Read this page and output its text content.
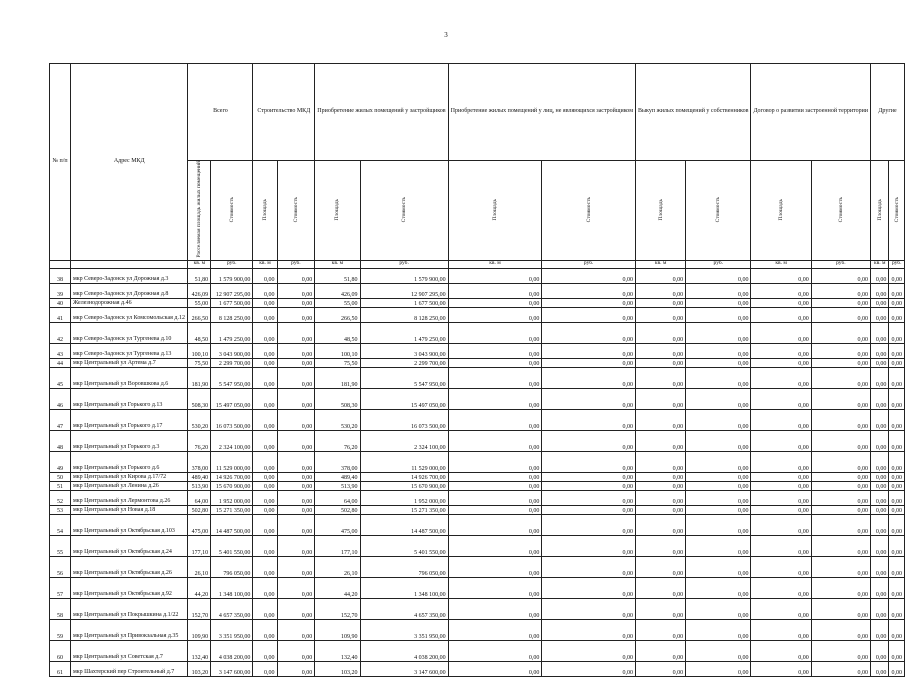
3
№ п/п	Адрес МКД	Всего		Строительство МКД		Приобретение жилых помещений у застройщиков		Приобретение жилых помещений у лиц, не являющихся застройщиком		Выкуп жилых помещений у собственников		Договор о развитии застроенной территории		Другие	
		Расселяемая площадь жилых помещений	Стоимость	Площадь	Стоимость	Площадь	Стоимость	Площадь	Стоимость	Площадь	Стоимость	Площадь	Стоимость	Площадь	Стоимость
		кв. м	руб.	кв. м	руб.	кв. м	руб.	кв. м	руб.	кв. м	руб.	кв. м	руб.	кв. м	руб.
38	мкр Северо-Задонск ул Дорожная д.3	51,80	1 579 900,00	0,00	0,00	51,80	1 579 900,00	0,00	0,00	0,00	0,00	0,00	0,00	0,00	0,00
39	мкр Северо-Задонск ул Дорожная д.8	426,09	12 907 295,00	0,00	0,00	426,09	12 907 295,00	0,00	0,00	0,00	0,00	0,00	0,00	0,00	0,00
40	Железнодорожная д.46	55,00	1 677 500,00	0,00	0,00	55,00	1 677 500,00	0,00	0,00	0,00	0,00	0,00	0,00	0,00	0,00
41	мкр Северо-Задонск ул Комсомольская д.12	266,50	8 128 250,00	0,00	0,00	266,50	8 128 250,00	0,00	0,00	0,00	0,00	0,00	0,00	0,00	0,00
42	мкр Северо-Задонск ул Тургенева д.10	48,50	1 479 250,00	0,00	0,00	48,50	1 479 250,00	0,00	0,00	0,00	0,00	0,00	0,00	0,00	0,00
43	мкр Северо-Задонск ул Тургенева д.13	100,10	3 043 900,00	0,00	0,00	100,10	3 043 900,00	0,00	0,00	0,00	0,00	0,00	0,00	0,00	0,00
44	мкр Центральный ул Артема д.7	75,50	2 299 700,00	0,00	0,00	75,50	2 299 700,00	0,00	0,00	0,00	0,00	0,00	0,00	0,00	0,00
45	мкр Центральный ул Воровшкова д.6	181,90	5 547 950,00	0,00	0,00	181,90	5 547 950,00	0,00	0,00	0,00	0,00	0,00	0,00	0,00	0,00
46	мкр Центральный ул Горького д.13	508,30	15 497 050,00	0,00	0,00	508,30	15 497 050,00	0,00	0,00	0,00	0,00	0,00	0,00	0,00	0,00
47	мкр Центральный ул Горького д.17	530,20	16 073 500,00	0,00	0,00	530,20	16 073 500,00	0,00	0,00	0,00	0,00	0,00	0,00	0,00	0,00
48	мкр Центральный ул Горького д.3	76,20	2 324 100,00	0,00	0,00	76,20	2 324 100,00	0,00	0,00	0,00	0,00	0,00	0,00	0,00	0,00
49	мкр Центральный ул Горького д.6	378,00	11 529 000,00	0,00	0,00	378,00	11 529 000,00	0,00	0,00	0,00	0,00	0,00	0,00	0,00	0,00
50	мкр Центральный ул Кирова д.17/72	489,40	14 926 700,00	0,00	0,00	489,40	14 926 700,00	0,00	0,00	0,00	0,00	0,00	0,00	0,00	0,00
51	мкр Центральный ул Ленина д.26	513,90	15 670 900,00	0,00	0,00	513,90	15 670 900,00	0,00	0,00	0,00	0,00	0,00	0,00	0,00	0,00
52	мкр Центральный ул Лермонтова д.26	64,00	1 952 000,00	0,00	0,00	64,00	1 952 000,00	0,00	0,00	0,00	0,00	0,00	0,00	0,00	0,00
53	мкр Центральный ул Новая д.18	502,80	15 271 350,00	0,00	0,00	502,80	15 271 350,00	0,00	0,00	0,00	0,00	0,00	0,00	0,00	0,00
54	мкр Центральный ул Октябрьская д.103	475,00	14 487 500,00	0,00	0,00	475,00	14 487 500,00	0,00	0,00	0,00	0,00	0,00	0,00	0,00	0,00
55	мкр Центральный ул Октябрьская д.24	177,10	5 401 550,00	0,00	0,00	177,10	5 401 550,00	0,00	0,00	0,00	0,00	0,00	0,00	0,00	0,00
56	мкр Центральный ул Октябрьская д.26	26,10	796 050,00	0,00	0,00	26,10	796 050,00	0,00	0,00	0,00	0,00	0,00	0,00	0,00	0,00
57	мкр Центральный ул Октябрьская д.92	44,20	1 348 100,00	0,00	0,00	44,20	1 348 100,00	0,00	0,00	0,00	0,00	0,00	0,00	0,00	0,00
58	мкр Центральный ул Покрышкина д.1/22	152,70	4 657 350,00	0,00	0,00	152,70	4 657 350,00	0,00	0,00	0,00	0,00	0,00	0,00	0,00	0,00
59	мкр Центральный ул Привокзальная д.35	109,90	3 351 950,00	0,00	0,00	109,90	3 351 950,00	0,00	0,00	0,00	0,00	0,00	0,00	0,00	0,00
60	мкр Центральный ул Советская д.7	132,40	4 038 200,00	0,00	0,00	132,40	4 038 200,00	0,00	0,00	0,00	0,00	0,00	0,00	0,00	0,00
61	мкр Шахтерский пер Строительный д.7	103,20	3 147 600,00	0,00	0,00	103,20	3 147 600,00	0,00	0,00	0,00	0,00	0,00	0,00	0,00	0,00
